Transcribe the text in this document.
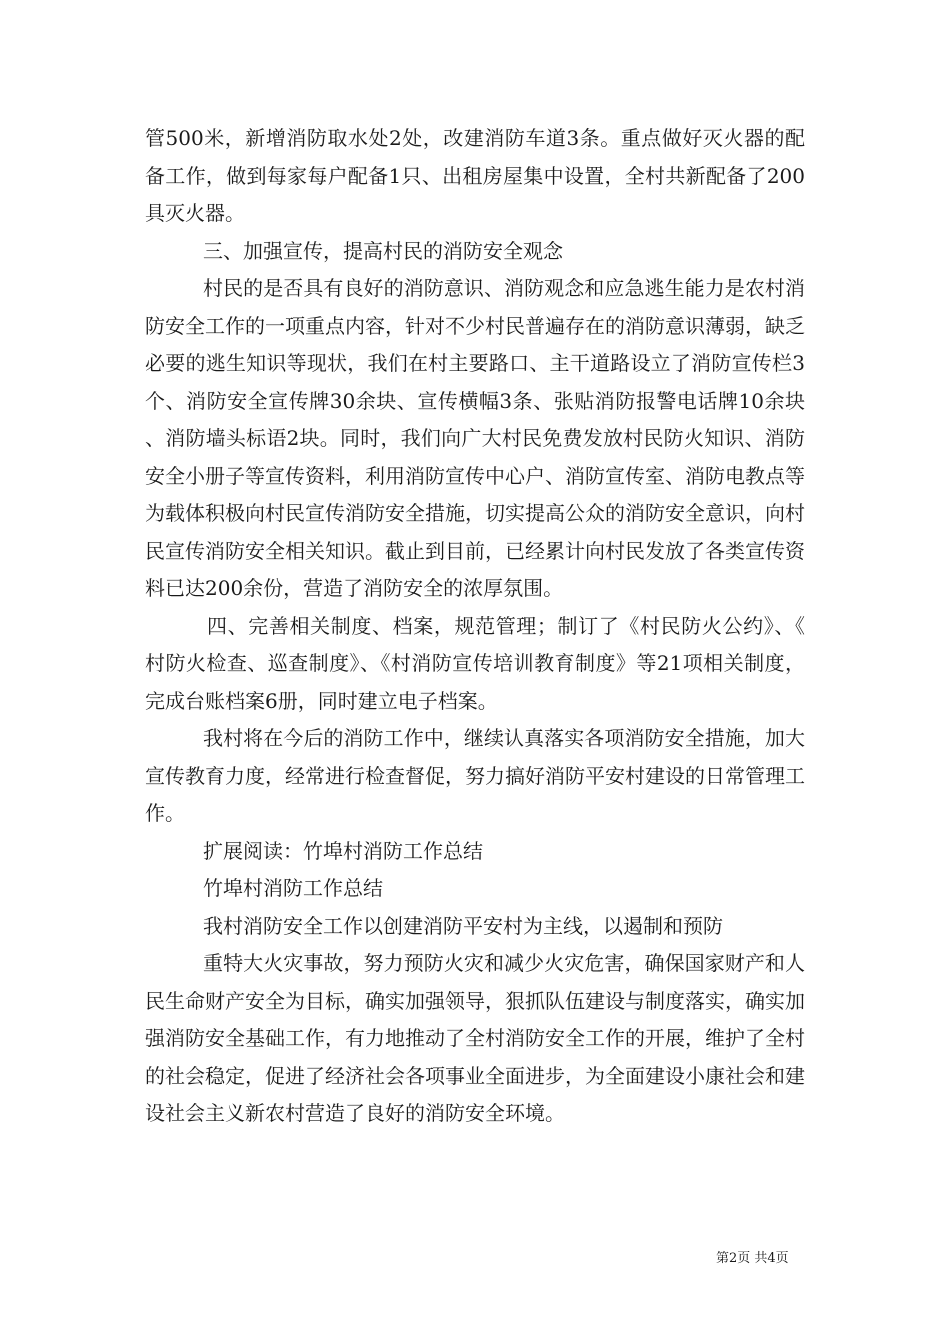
管500米，新增消防取水处2处，改建消防车道3条。重点做好灭火器的配备工作，做到每家每户配备1只、出租房屋集中设置，全村共新配备了200具灭火器。

三、加强宣传，提高村民的消防安全观念

村民的是否具有良好的消防意识、消防观念和应急逃生能力是农村消防安全工作的一项重点内容，针对不少村民普遍存在的消防意识薄弱，缺乏必要的逃生知识等现状，我们在村主要路口、主干道路设立了消防宣传栏3个、消防安全宣传牌30余块、宣传横幅3条、张贴消防报警电话牌10余块、消防墙头标语2块。同时，我们向广大村民免费发放村民防火知识、消防安全小册子等宣传资料，利用消防宣传中心户、消防宣传室、消防电教点等为载体积极向村民宣传消防安全措施，切实提高公众的消防安全意识，向村民宣传消防安全相关知识。截止到目前，已经累计向村民发放了各类宣传资料已达200余份，营造了消防安全的浓厚氛围。

四、完善相关制度、档案，规范管理；制订了《村民防火公约》、《村防火检查、巡查制度》、《村消防宣传培训教育制度》等21项相关制度，完成台账档案6册，同时建立电子档案。

我村将在今后的消防工作中，继续认真落实各项消防安全措施，加大宣传教育力度，经常进行检查督促，努力搞好消防平安村建设的日常管理工作。

扩展阅读：竹埠村消防工作总结

竹埠村消防工作总结

我村消防安全工作以创建消防平安村为主线，以遏制和预防

重特大火灾事故，努力预防火灾和减少火灾危害，确保国家财产和人民生命财产安全为目标，确实加强领导，狠抓队伍建设与制度落实，确实加强消防安全基础工作，有力地推动了全村消防安全工作的开展，维护了全村的社会稳定，促进了经济社会各项事业全面进步，为全面建设小康社会和建设社会主义新农村营造了良好的消防安全环境。

第2页 共4页
